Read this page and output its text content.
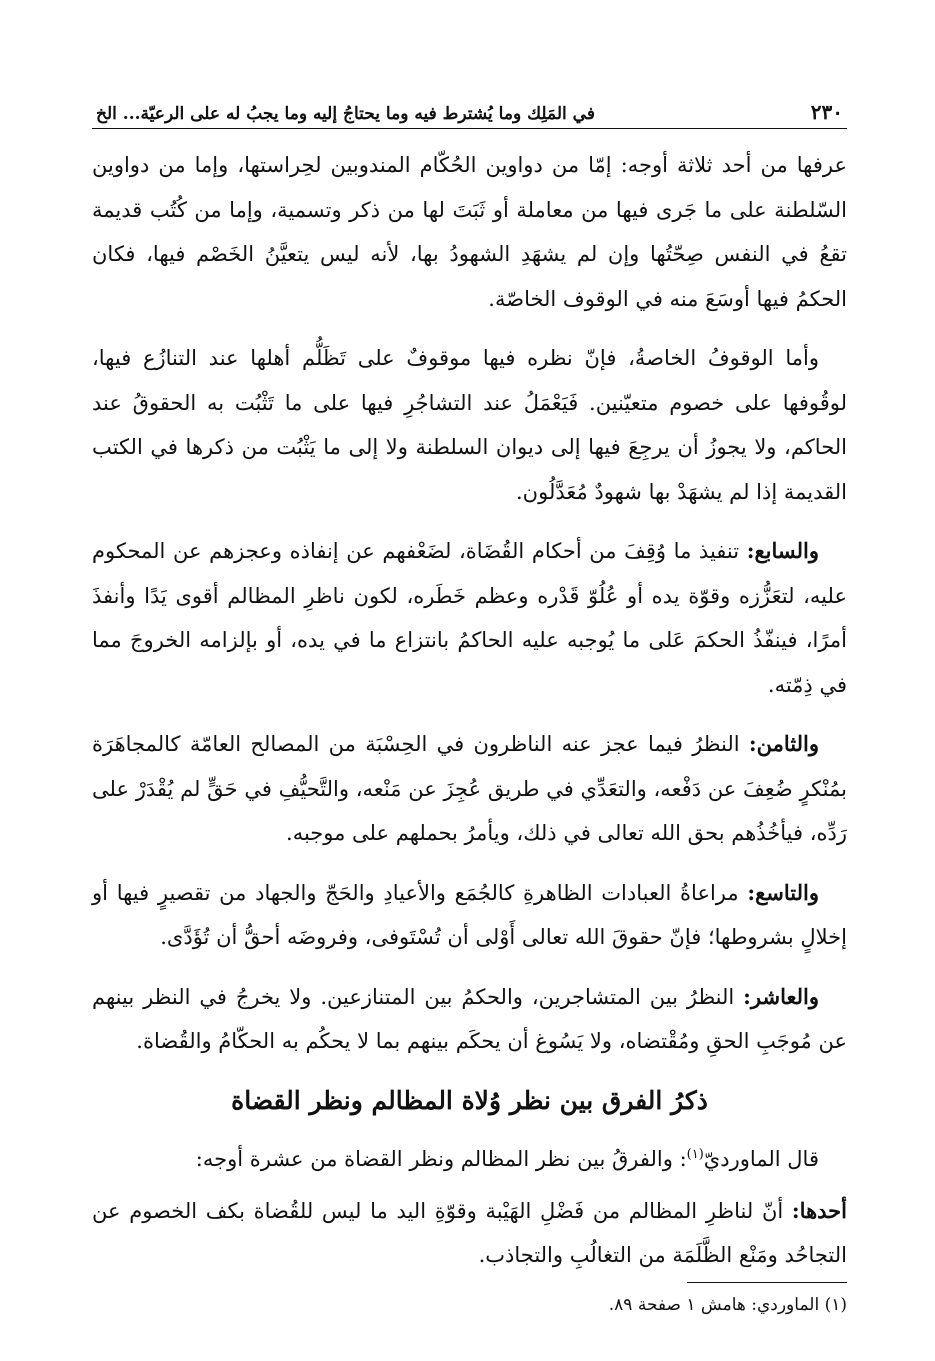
٢٣٠
في المَلِك وما يُشترط فيه وما يحتاجُ إليه وما يجبُ له على الرعيّة... الخ

عرفها من أحد ثلاثة أوجه: إمّا من دواوين الحُكّام المندوبين لحِراستها، وإما من دواوين السّلطنة على ما جَرى فيها من معاملة أو ثَبَتَ لها من ذكر وتسمية، وإما من كُتُب قديمة تقعُ في النفس صِحّتُها وإن لم يشهَدِ الشهودُ بها، لأنه ليس يتعيَّنُ الخَصْم فيها، فكان الحكمُ فيها أوسَعَ منه في الوقوف الخاصّة.

وأما الوقوفُ الخاصةُ، فإنّ نظره فيها موقوفٌ على تَظَلُّم أهلها عند التنازُع فيها، لوقُوفها على خصوم متعيّنين. فَيَعْمَلُ عند التشاجُرِ فيها على ما تَثْبُت به الحقوقُ عند الحاكم، ولا يجوزُ أن يرجِعَ فيها إلى ديوان السلطنة ولا إلى ما يَثْبُت من ذكرها في الكتب القديمة إذا لم يشهَدْ بها شهودٌ مُعَدَّلُون.

والسابع: تنفيذ ما وُقِفَ من أحكام القُضَاة، لضَعْفهم عن إنفاذه وعجزهم عن المحكوم عليه، لتعَزُّزه وقوّة يده أو عُلُوّ قَدْره وعظم خَطَره، لكون ناظرِ المظالم أقوى يَدًا وأنفذَ أمرًا، فينفّذُ الحكمَ عَلى ما يُوجبه عليه الحاكمُ بانتزاع ما في يده، أو بإلزامه الخروجَ مما في ذِمّته.

والثامن: النظرُ فيما عجز عنه الناظرون في الحِسْبَة من المصالح العامّة كالمجاهَرَة بمُنْكرٍ ضُعِفَ عن دَفْعه، والتعَدِّي في طريق عُجِزَ عن مَنْعه، والتَّحيُّفِ في حَقٍّ لم يُقْدَرْ على رَدِّه، فيأخُذُهم بحق الله تعالى في ذلك، ويأمرُ بحملهم على موجبه.

والتاسع: مراعاةُ العبادات الظاهرةِ كالجُمَع والأعيادِ والحَجّ والجهاد من تقصيرٍ فيها أو إخلالٍ بشروطها؛ فإنّ حقوقَ الله تعالى أَوْلى أن تُسْتَوفى، وفروضَه أحقُّ أن تُؤَدَّى.

والعاشر: النظرُ بين المتشاجرين، والحكمُ بين المتنازعين. ولا يخرجُ في النظر بينهم عن مُوجَبِ الحقِ ومُقْتضاه، ولا يَسُوغ أن يحكَم بينهم بما لا يحكُم به الحكّامُ والقُضاة.

ذكرُ الفرق بين نظر وُلاة المظالم ونظر القضاة

قال الماورديّ$^{(١)}$: والفرقُ بين نظر المظالم ونظر القضاة من عشرة أوجه:

أحدها: أنّ لناظرِ المظالم من فَضْلِ الهَيْبة وقوّةِ اليد ما ليس للقُضاة بكف الخصوم عن التجاحُد ومَنْع الظَّلَمَة من التغالُبِ والتجاذب.

(١) الماوردي: هامش ١ صفحة ٨٩.
